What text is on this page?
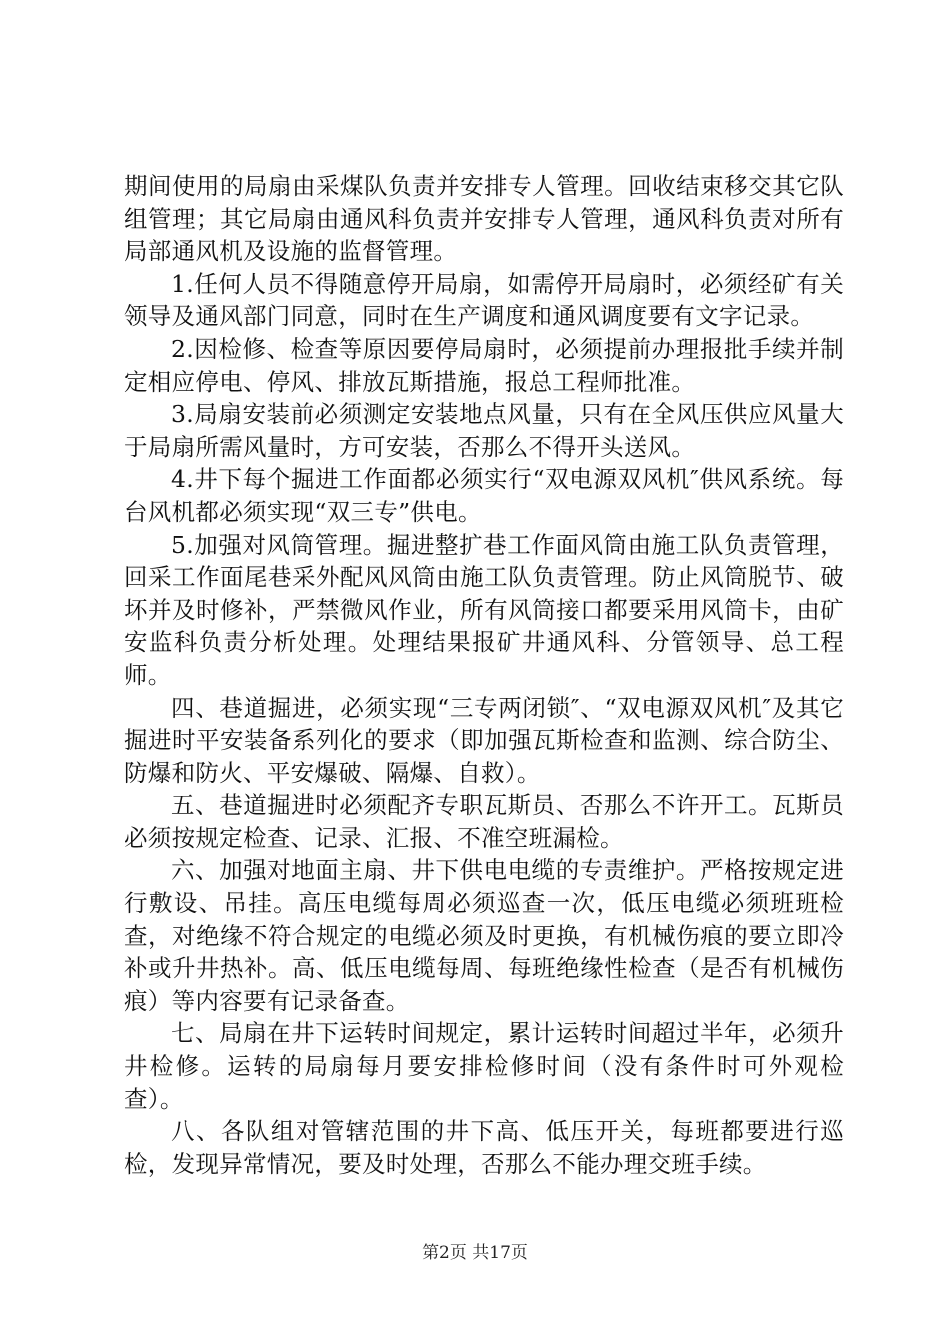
期间使用的局扇由采煤队负责并安排专人管理。回收结束移交其它队组管理；其它局扇由通风科负责并安排专人管理，通风科负责对所有局部通风机及设施的监督管理。

1.任何人员不得随意停开局扇，如需停开局扇时，必须经矿有关领导及通风部门同意，同时在生产调度和通风调度要有文字记录。

2.因检修、检查等原因要停局扇时，必须提前办理报批手续并制定相应停电、停风、排放瓦斯措施，报总工程师批准。

3.局扇安装前必须测定安装地点风量，只有在全风压供应风量大于局扇所需风量时，方可安装，否那么不得开头送风。

4.井下每个掘进工作面都必须实行“双电源双风机″供风系统。每台风机都必须实现“双三专”供电。

5.加强对风筒管理。掘进整扩巷工作面风筒由施工队负责管理，回采工作面尾巷采外配风风筒由施工队负责管理。防止风筒脱节、破坏并及时修补，严禁微风作业，所有风筒接口都要采用风筒卡，由矿安监科负责分析处理。处理结果报矿井通风科、分管领导、总工程师。

四、巷道掘进，必须实现“三专两闭锁″、“双电源双风机″及其它掘进时平安装备系列化的要求（即加强瓦斯检查和监测、综合防尘、防爆和防火、平安爆破、隔爆、自救）。

五、巷道掘进时必须配齐专职瓦斯员、否那么不许开工。瓦斯员必须按规定检查、记录、汇报、不准空班漏检。

六、加强对地面主扇、井下供电电缆的专责维护。严格按规定进行敷设、吊挂。高压电缆每周必须巡查一次，低压电缆必须班班检查，对绝缘不符合规定的电缆必须及时更换，有机械伤痕的要立即冷补或升井热补。高、低压电缆每周、每班绝缘性检查（是否有机械伤痕）等内容要有记录备查。

七、局扇在井下运转时间规定，累计运转时间超过半年，必须升井检修。运转的局扇每月要安排检修时间（没有条件时可外观检查）。

八、各队组对管辖范围的井下高、低压开关，每班都要进行巡检，发现异常情况，要及时处理，否那么不能办理交班手续。

第2页 共17页
